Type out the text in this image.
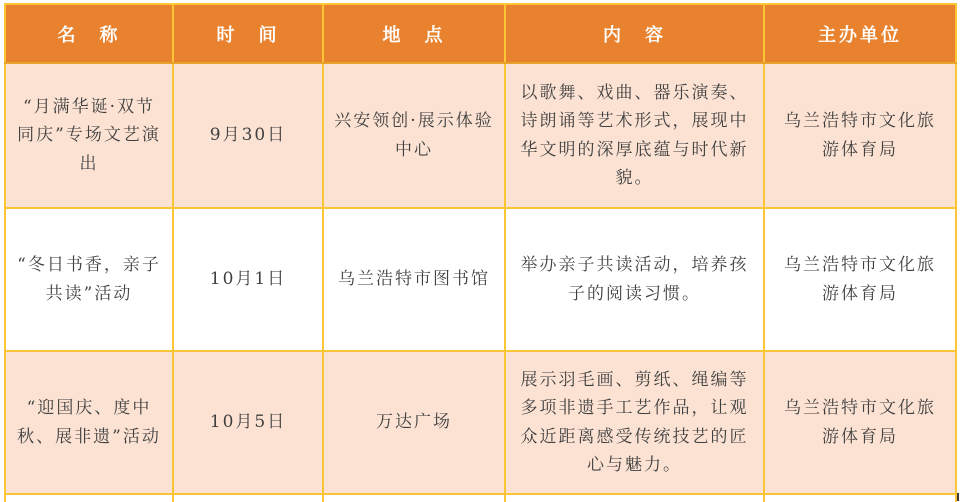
名　称	时　间	地　点	内　容	主办单位
“月满华诞·双节同庆”专场文艺演出	9月30日	兴安领创·展示体验中心	以歌舞、戏曲、器乐演奏、诗朗诵等艺术形式，展现中华文明的深厚底蕴与时代新貌。	乌兰浩特市文化旅游体育局
“冬日书香，亲子共读”活动	10月1日	乌兰浩特市图书馆	举办亲子共读活动，培养孩子的阅读习惯。	乌兰浩特市文化旅游体育局
“迎国庆、度中秋、展非遗”活动	10月5日	万达广场	展示羽毛画、剪纸、绳编等多项非遗手工艺作品，让观众近距离感受传统技艺的匠心与魅力。	乌兰浩特市文化旅游体育局
